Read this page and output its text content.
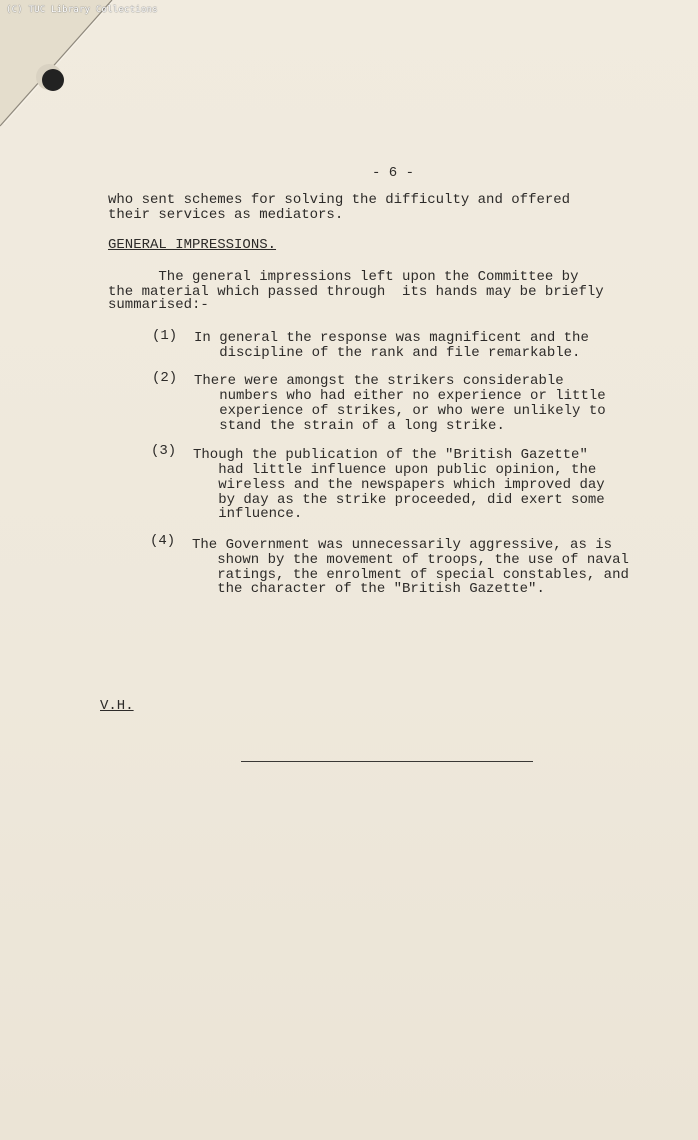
(C) TUC Library Collections
- 6 -
who sent schemes for solving the difficulty and offered
their services as mediators.
GENERAL IMPRESSIONS.
The general impressions left upon the Committee by
the material which passed through  its hands may be briefly
summarised:-
(1) In general the response was magnificent and the
discipline of the rank and file remarkable.
(2) There were amongst the strikers considerable
numbers who had either no experience or little
experience of strikes, or who were unlikely to
stand the strain of a long strike.
(3) Though the publication of the "British Gazette"
had little influence upon public opinion, the
wireless and the newspapers which improved day
by day as the strike proceeded, did exert some
influence.
(4) The Government was unnecessarily aggressive, as is
shown by the movement of troops, the use of naval
ratings, the enrolment of special constables, and
the character of the "British Gazette".
V.H.
